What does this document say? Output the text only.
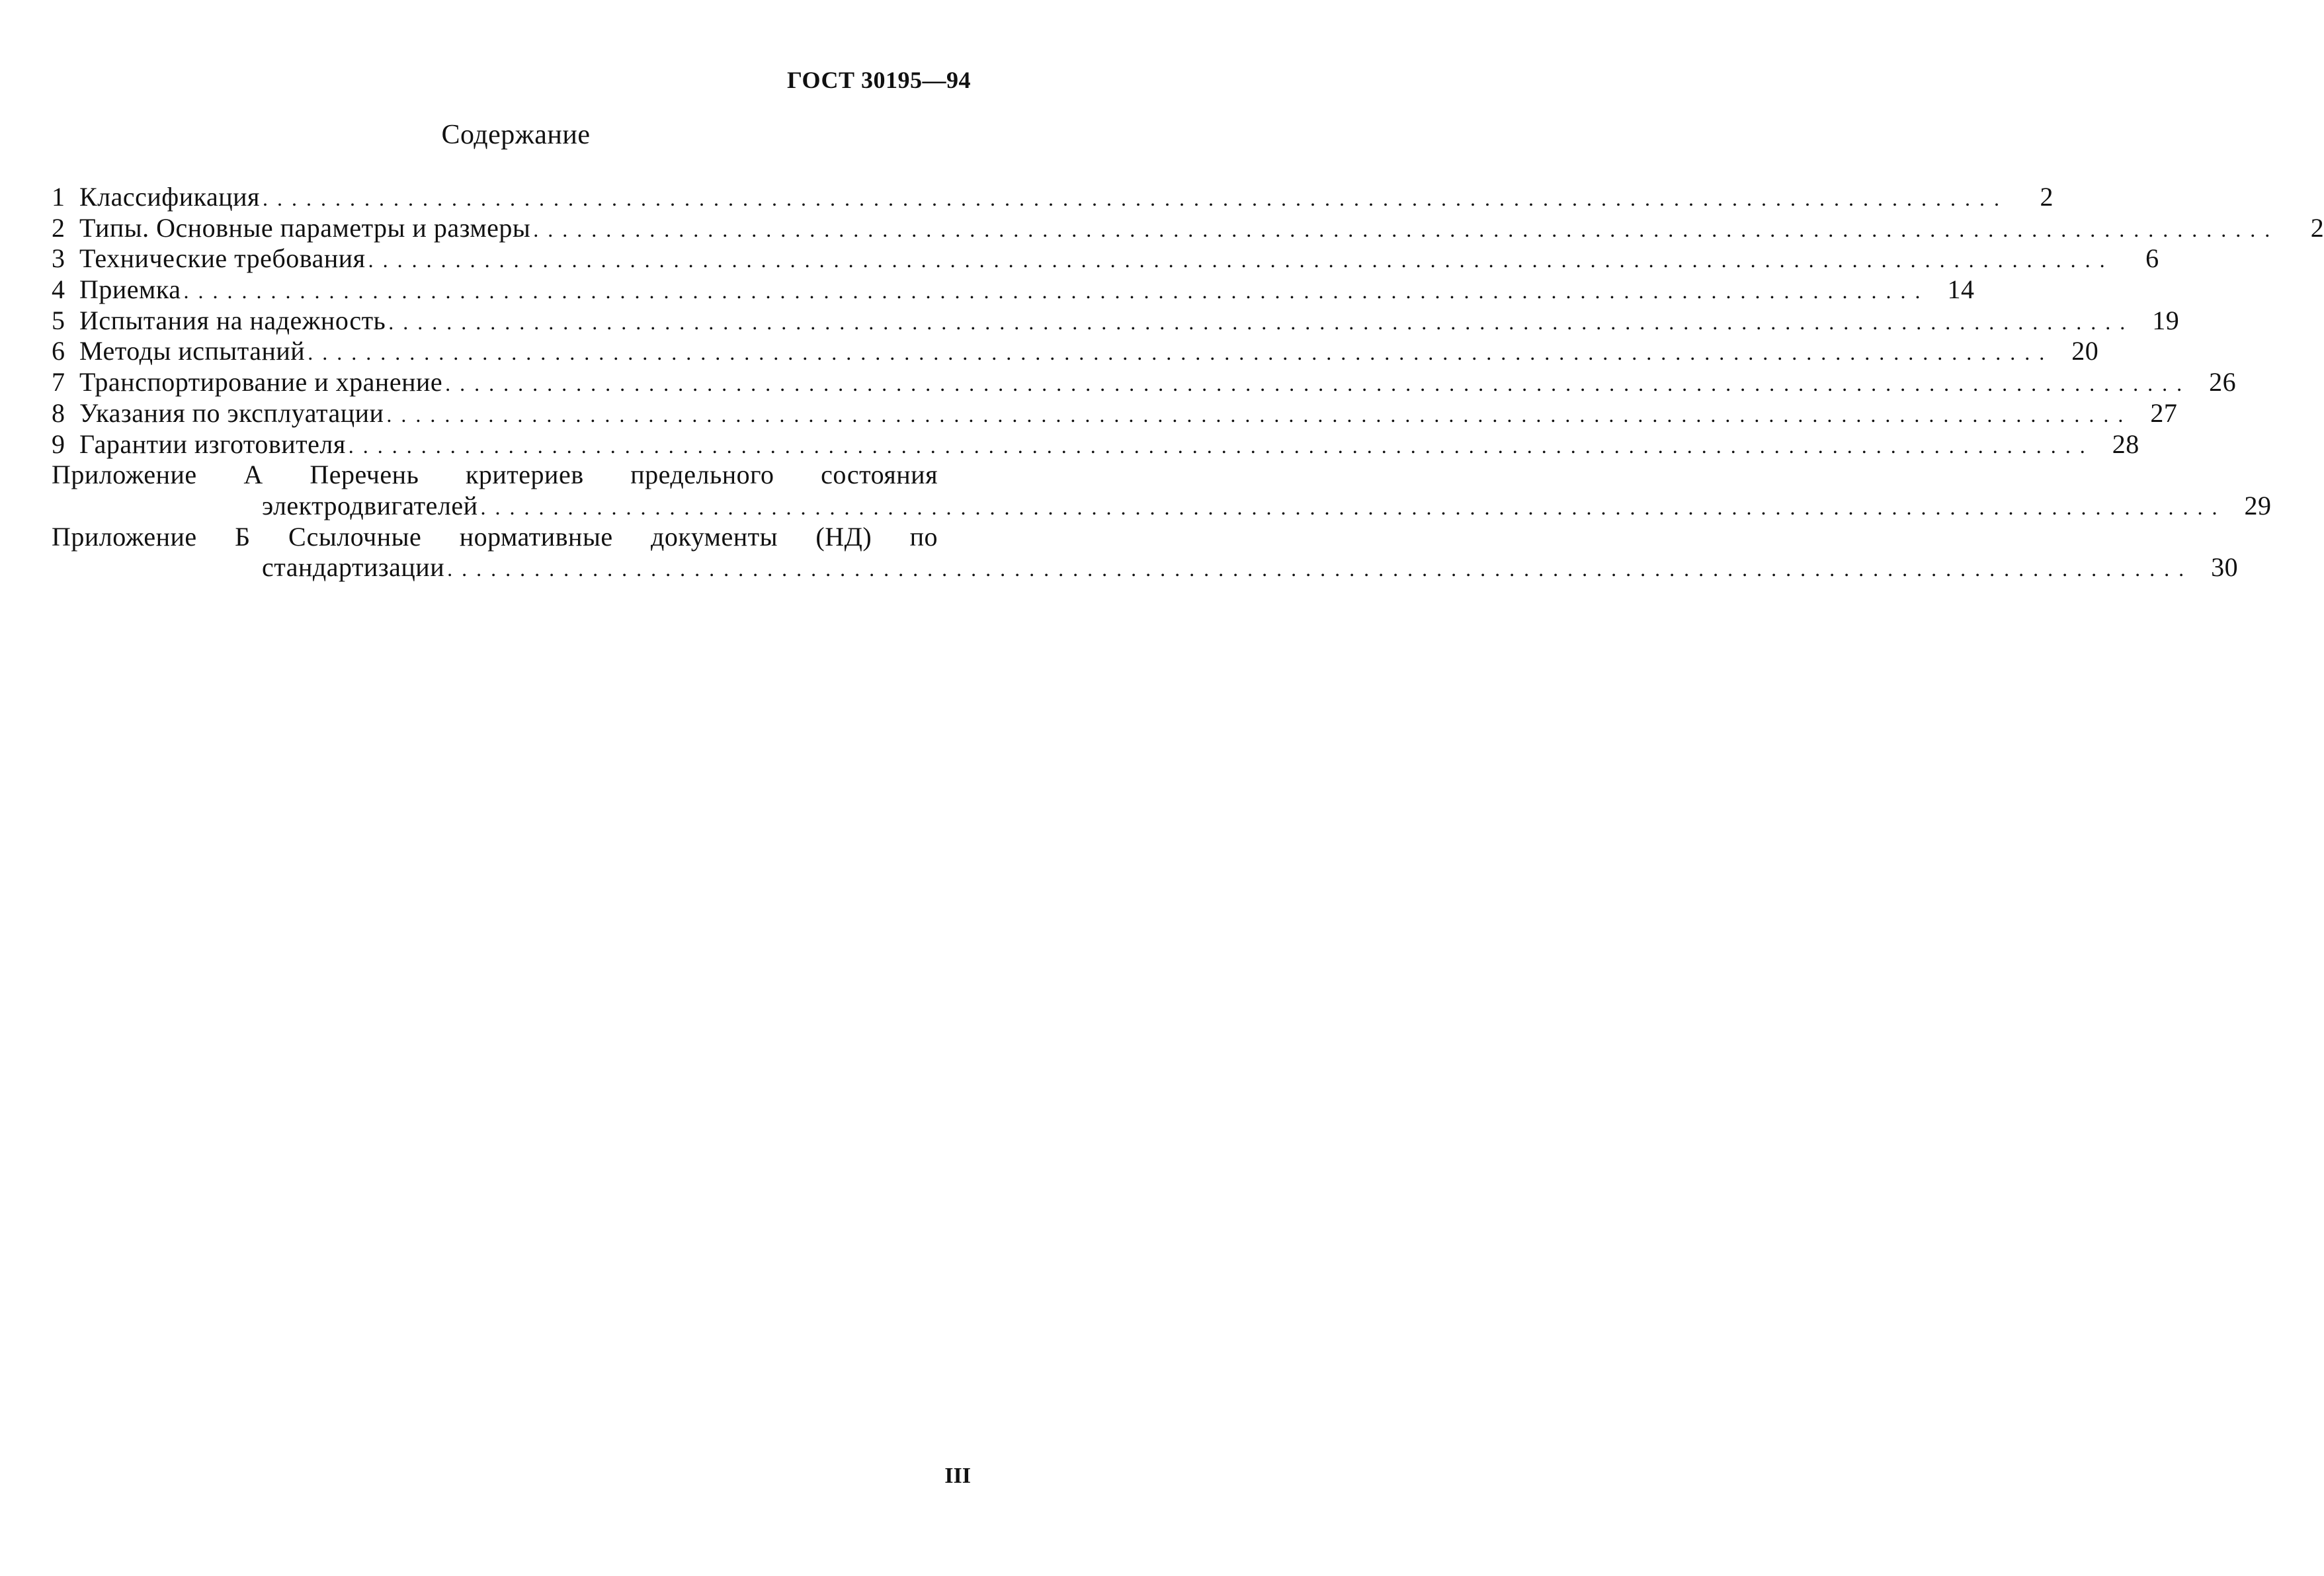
ГОСТ 30195—94
Содержание
1 Классификация ........................................................................................................................	2
2 Типы. Основные параметры и размеры ........................................................................................................................	2
3 Технические требования ........................................................................................................................	6
4 Приемка ........................................................................................................................ 14
5 Испытания на надежность ........................................................................................................................ 19
6 Методы испытаний ........................................................................................................................ 20
7 Транспортирование и хранение ........................................................................................................................ 26
8 Указания по эксплуатации ........................................................................................................................ 27
9 Гарантии изготовителя ........................................................................................................................ 28
Приложение А Перечень критериев предельного состояния
электродвигателей ........................................................................................................................ 29
Приложение Б Ссылочные нормативные документы (НД) по
стандартизации ........................................................................................................................ 30
III
